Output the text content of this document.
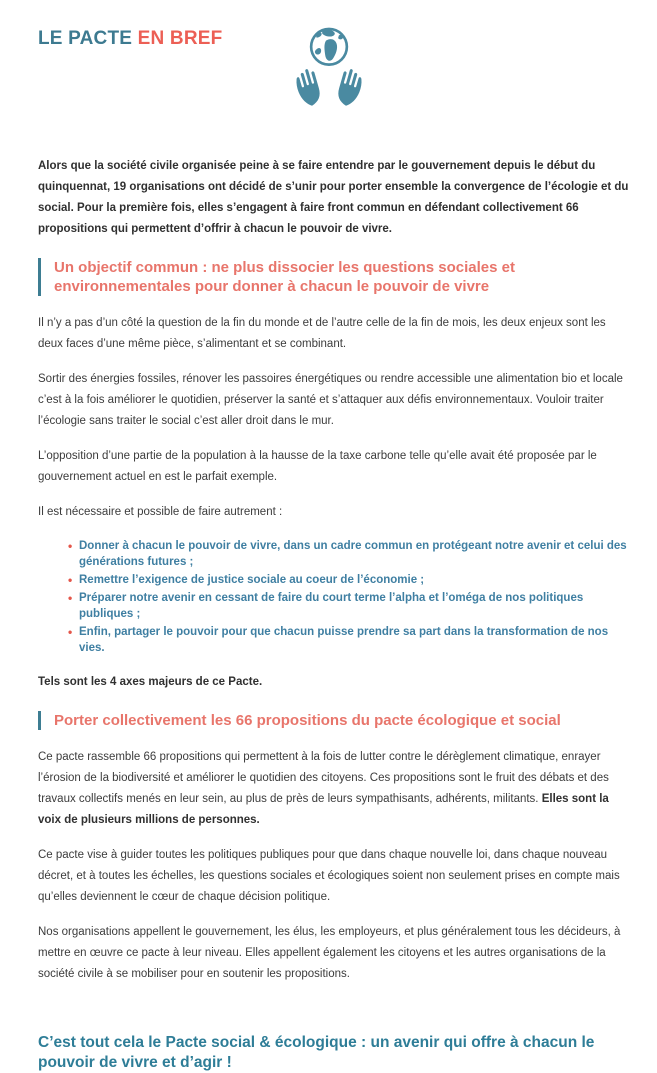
LE PACTE EN BREF

Alors que la société civile organisée peine à se faire entendre par le gouvernement depuis le début du quinquennat, 19 organisations ont décidé de s’unir pour porter ensemble la convergence de l’écologie et du social. Pour la première fois, elles s’engagent à faire front commun en défendant collectivement 66 propositions qui permettent d’offrir à chacun le pouvoir de vivre.

Un objectif commun : ne plus dissocier les questions sociales et environnementales pour donner à chacun le pouvoir de vivre

Il n’y a pas d’un côté la question de la fin du monde et de l’autre celle de la fin de mois, les deux enjeux sont les deux faces d’une même pièce, s’alimentant et se combinant.

Sortir des énergies fossiles, rénover les passoires énergétiques ou rendre accessible une alimentation bio et locale c’est à la fois améliorer le quotidien, préserver la santé et s’attaquer aux défis environnementaux. Vouloir traiter l’écologie sans traiter le social c’est aller droit dans le mur.

L’opposition d’une partie de la population à la hausse de la taxe carbone telle qu’elle avait été proposée par le gouvernement actuel en est le parfait exemple.

Il est nécessaire et possible de faire autrement :

• Donner à chacun le pouvoir de vivre, dans un cadre commun en protégeant notre avenir et celui des générations futures ;
• Remettre l’exigence de justice sociale au coeur de l’économie ;
• Préparer notre avenir en cessant de faire du court terme l’alpha et l’oméga de nos politiques publiques ;
• Enfin, partager le pouvoir pour que chacun puisse prendre sa part dans la transformation de nos vies.

Tels sont les 4 axes majeurs de ce Pacte.

Porter collectivement les 66 propositions du pacte écologique et social

Ce pacte rassemble 66 propositions qui permettent à la fois de lutter contre le dérèglement climatique, enrayer l’érosion de la biodiversité et améliorer le quotidien des citoyens. Ces propositions sont le fruit des débats et des travaux collectifs menés en leur sein, au plus de près de leurs sympathisants, adhérents, militants. Elles sont la voix de plusieurs millions de personnes.

Ce pacte vise à guider toutes les politiques publiques pour que dans chaque nouvelle loi, dans chaque nouveau décret, et à toutes les échelles, les questions sociales et écologiques soient non seulement prises en compte mais qu’elles deviennent le cœur de chaque décision politique.

Nos organisations appellent le gouvernement, les élus, les employeurs, et plus généralement tous les décideurs, à mettre en œuvre ce pacte à leur niveau. Elles appellent également les citoyens et les autres organisations de la société civile à se mobiliser pour en soutenir les propositions.

C’est tout cela le Pacte social & écologique : un avenir qui offre à chacun le pouvoir de vivre et d’agir !
